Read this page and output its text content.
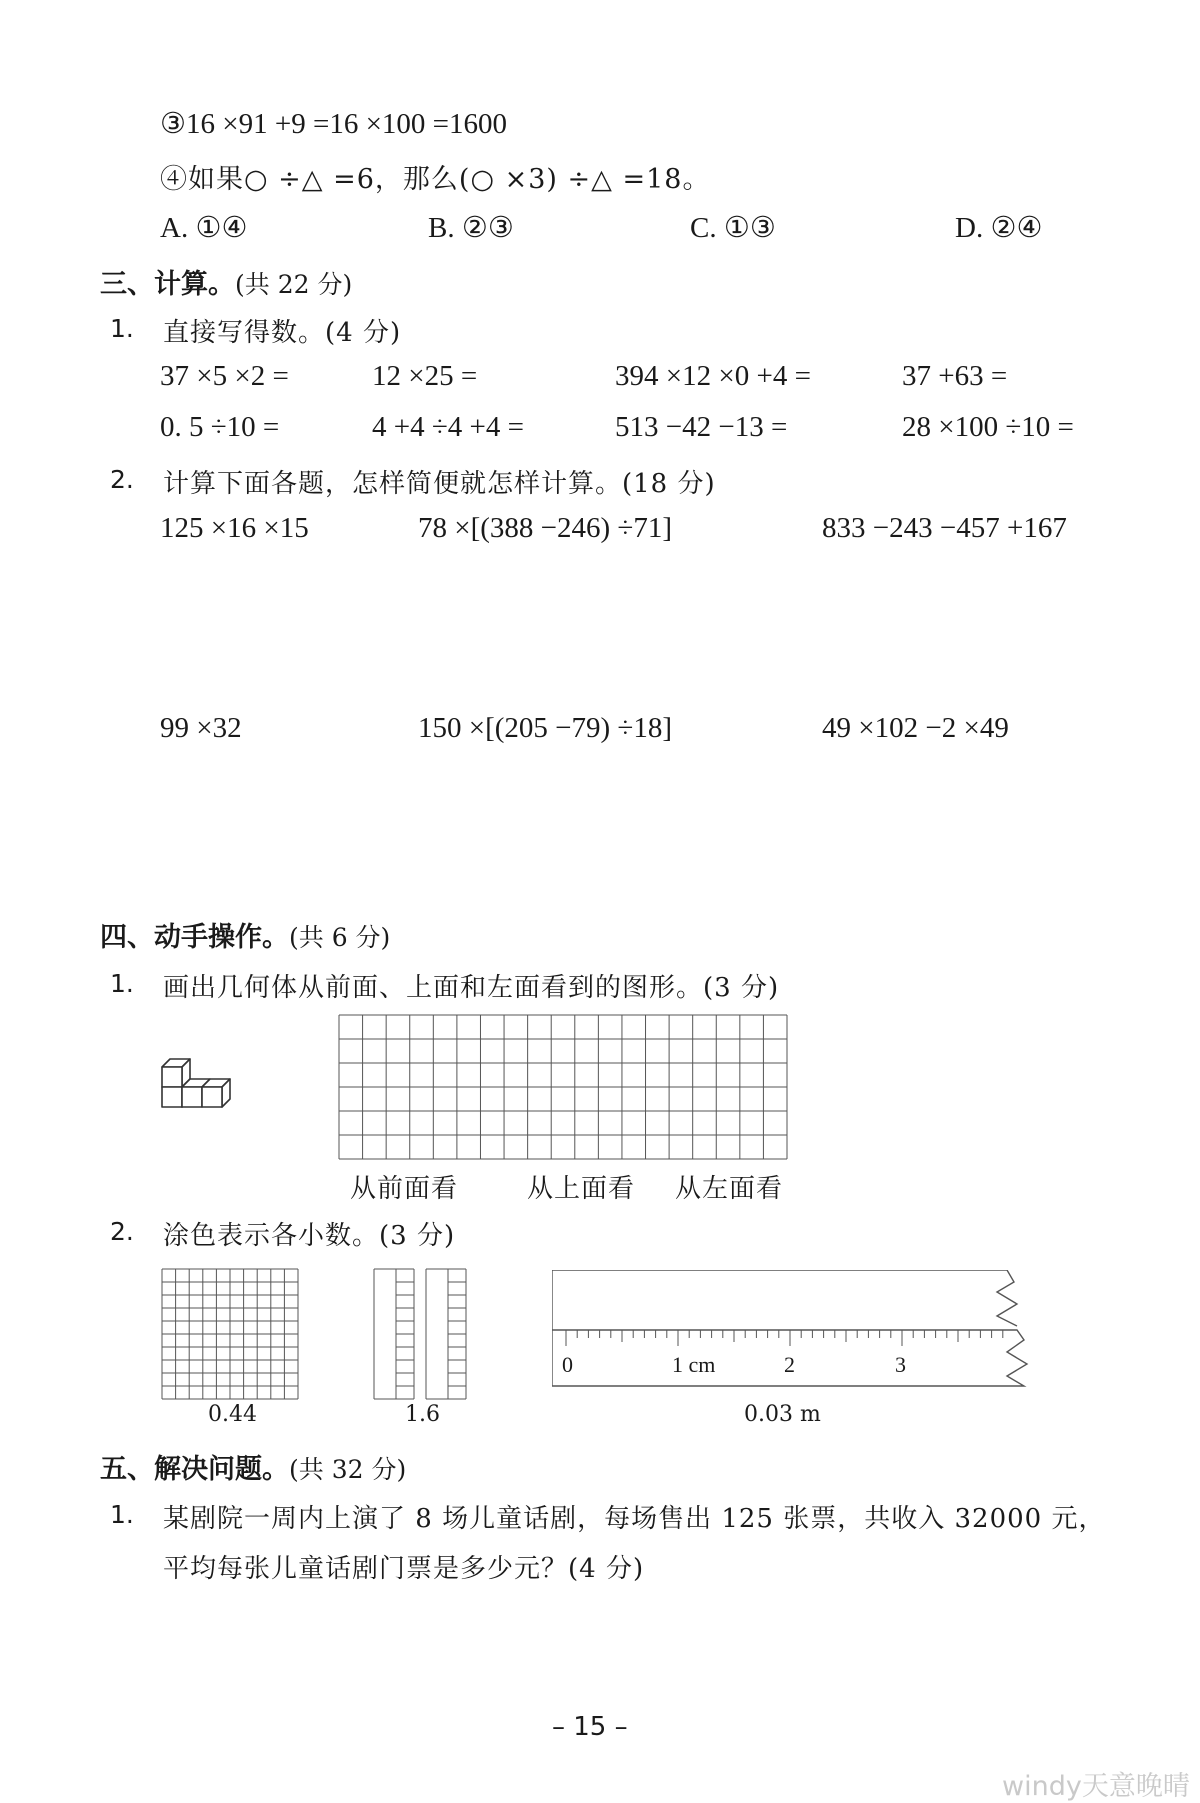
③16 ×91 +9 =16 ×100 =1600
④如果○ ÷△ =6，那么(○ ×3) ÷△ =18。
A. ①④	B. ②③	C. ①③	D. ②④
三、计算。(共 22 分)
1. 直接写得数。(4 分)
37 ×5 ×2 =	12 ×25 =	394 ×12 ×0 +4 =	37 +63 =
0. 5 ÷10 =	4 +4 ÷4 +4 =	513 −42 −13 =	28 ×100 ÷10 =
2. 计算下面各题，怎样简便就怎样计算。(18 分)
125 ×16 ×15	78 ×[(388 −246) ÷71]	833 −243 −457 +167
99 ×32	150 ×[(205 −79) ÷18]	49 ×102 −2 ×49
四、动手操作。(共 6 分)
1. 画出几何体从前面、上面和左面看到的图形。(3 分)
从前面看	从上面看 从左面看
2. 涂色表示各小数。(3 分)
0.44	1.6
0	1 cm	2	3
0.03 m
五、解决问题。(共 32 分)
1. 某剧院一周内上演了 8 场儿童话剧，每场售出 125 张票，共收入 32000 元，
平均每张儿童话剧门票是多少元？(4 分)
– 15 –
windy天意晚晴
